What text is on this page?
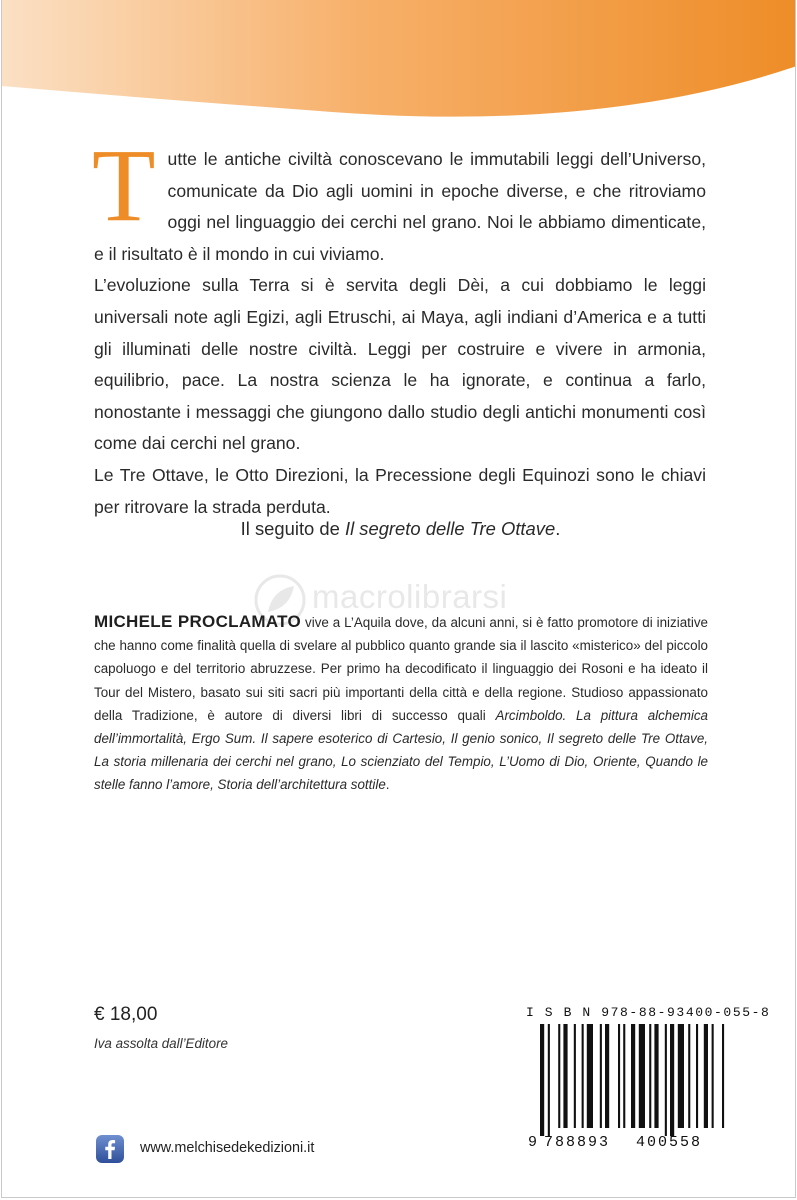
T utte le antiche civiltà conoscevano le immutabili leggi dell’Universo, comunicate da Dio agli uomini in epoche diverse, e che ritroviamo oggi nel linguaggio dei cerchi nel grano. Noi le abbiamo dimenticate, e il risultato è il mondo in cui viviamo.

L’evoluzione sulla Terra si è servita degli Dèi, a cui dobbiamo le leggi universali note agli Egizi, agli Etruschi, ai Maya, agli indiani d’America e a tutti gli illuminati delle nostre civiltà. Leggi per costruire e vivere in armonia, equilibrio, pace. La nostra scienza le ha ignorate, e continua a farlo, nonostante i messaggi che giungono dallo studio degli antichi monumenti così come dai cerchi nel grano.

Le Tre Ottave, le Otto Direzioni, la Precessione degli Equinozi sono le chiavi per ritrovare la strada perduta.

Il seguito de Il segreto delle Tre Ottave.

macrolibrarsi

MICHELE PROCLAMATO vive a L’Aquila dove, da alcuni anni, si è fatto promotore di iniziative che hanno come finalità quella di svelare al pubblico quanto grande sia il lascito «misterico» del piccolo capoluogo e del territorio abruzzese. Per primo ha decodificato il linguaggio dei Rosoni e ha ideato il Tour del Mistero, basato sui siti sacri più importanti della città e della regione. Studioso appassionato della Tradizione, è autore di diversi libri di successo quali Arcimboldo. La pittura alchemica dell’immortalità, Ergo Sum. Il sapere esoterico di Cartesio, Il genio sonico, Il segreto delle Tre Ottave, La storia millenaria dei cerchi nel grano, Lo scienziato del Tempio, L’Uomo di Dio, Oriente, Quando le stelle fanno l’amore, Storia dell’architettura sottile.

€ 18,00
Iva assolta dall’Editore
I S B N 978-88-93400-055-8
9 788893 400558
www.melchisedekedizioni.it
